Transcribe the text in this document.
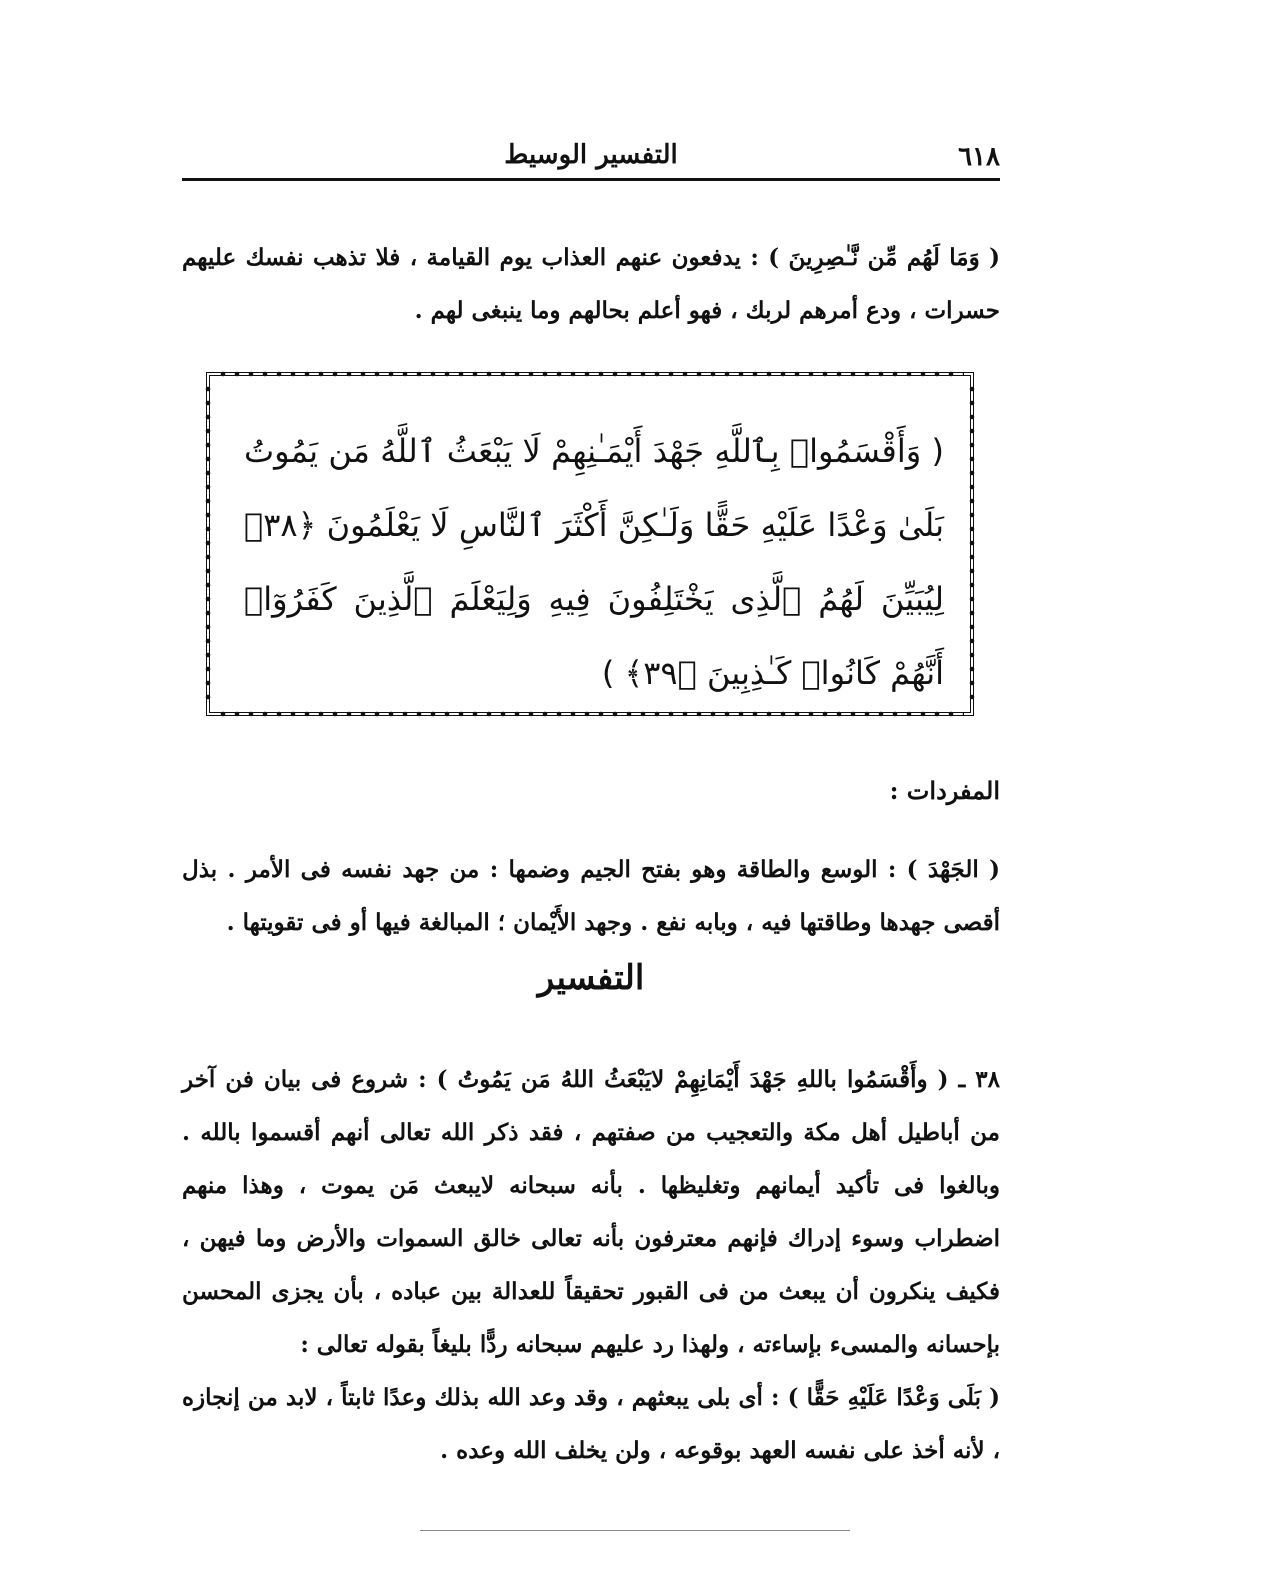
٦١٨
التفسير الوسيط

( وَمَا لَهُم مِّن نَّـٰصِرِينَ ) : يدفعون عنهم العذاب يوم القيامة ، فلا تذهب نفسك عليهم حسرات ، ودع أمرهم لربك ، فهو أعلم بحالهم وما ينبغى لهم .

( وَأَقْسَمُوا۟ بِٱللَّهِ جَهْدَ أَيْمَـٰنِهِمْ لَا يَبْعَثُ ٱللَّهُ مَن يَمُوتُ بَلَىٰ وَعْدًا عَلَيْهِ حَقًّا وَلَـٰكِنَّ أَكْثَرَ ٱلنَّاسِ لَا يَعْلَمُونَ ﴿٣٨﴾ لِيُبَيِّنَ لَهُمُ ٱلَّذِى يَخْتَلِفُونَ فِيهِ وَلِيَعْلَمَ ٱلَّذِينَ كَفَرُوٓا۟ أَنَّهُمْ كَانُوا۟ كَـٰذِبِينَ ﴿٣٩﴾ )
المفردات :

( الجَهْدَ ) : الوسع والطاقة وهو بفتح الجيم وضمها : من جهد نفسه فى الأمر . بذل أقصى جهدها وطاقتها فيه ، وبابه نفع . وجهد الأَيْمان ؛ المبالغة فيها أو فى تقويتها .

التفسير

٣٨ ـ ( وأَقْسَمُوا باللهِ جَهْدَ أَيْمَانِهِمْ لايَبْعَثُ اللهُ مَن يَمُوتُ ) : شروع فى بيان فن آخر من أباطيل أهل مكة والتعجيب من صفتهم ، فقد ذكر الله تعالى أنهم أقسموا بالله . وبالغوا فى تأكيد أيمانهم وتغليظها . بأنه سبحانه لايبعث مَن يموت ، وهذا منهم اضطراب وسوء إدراك فإنهم معترفون بأنه تعالى خالق السموات والأرض وما فيهن ، فكيف ينكرون أن يبعث من فى القبور تحقيقاً للعدالة بين عباده ، بأن يجزى المحسن بإحسانه والمسىء بإساءته ، ولهذا رد عليهم سبحانه ردًّا بليغاً بقوله تعالى :

( بَلَى وَعْدًا عَلَيْهِ حَقًّا ) : أى بلى يبعثهم ، وقد وعد الله بذلك وعدًا ثابتاً ، لابد من إنجازه ، لأنه أخذ على نفسه العهد بوقوعه ، ولن يخلف الله وعده .
